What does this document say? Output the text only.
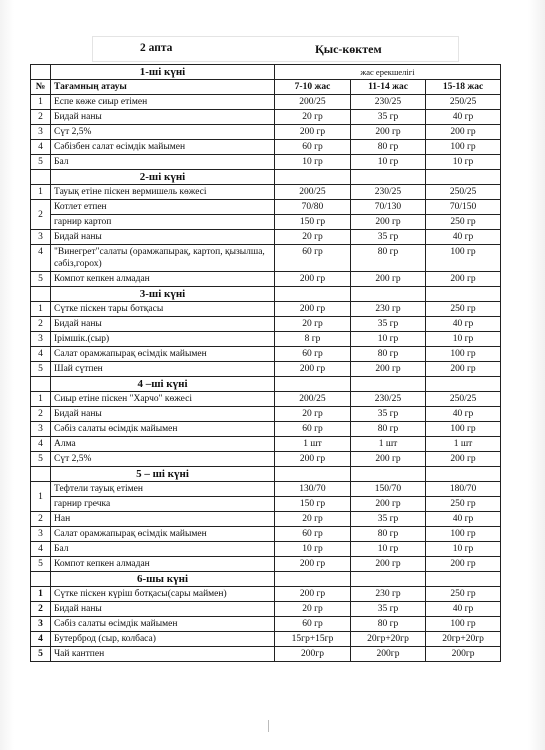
2 апта	Қыс-көктем
	1-ші күні	жас ерекшелігі		
№	Тағамның атауы	7-10 жас	11-14 жас	15-18 жас
1	Еспе көже сиыр етімен	200/25	230/25	250/25
2	Бидай наны	20 гр	35 гр	40 гр
3	Сүт 2,5%	200 гр	200 гр	200 гр
4	Сәбізбен салат өсімдік майымен	60 гр	80 гр	100 гр
5	Бал	10 гр	10 гр	10 гр
	2-ші күні			
1	Тауық етіне піскен вермишель көжесі	200/25	230/25	250/25
2	Котлет етпен	70/80	70/130	70/150
	гарнир картоп	150 гр	200 гр	250 гр
3	Бидай наны	20 гр	35 гр	40 гр
4	"Винегрет"салаты (орамжапырақ, картоп, қызылша, сәбіз,горох)	60 гр	80 гр	100 гр
5	Компот кепкен алмадан	200 гр	200 гр	200 гр
	3-ші күні			
1	Сүтке піскен тары ботқасы	200 гр	230 гр	250 гр
2	Бидай наны	20 гр	35 гр	40 гр
3	Ірімшік.(сыр)	8 гр	10 гр	10 гр
4	Салат орамжапырақ өсімдік майымен	60 гр	80 гр	100 гр
5	Шай сүтпен	200 гр	200 гр	200 гр
	4 –ші күні			
1	Сиыр етіне піскен "Харчо" көжесі	200/25	230/25	250/25
2	Бидай наны	20 гр	35 гр	40 гр
3	Сәбіз салаты өсімдік майымен	60 гр	80 гр	100 гр
4	Алма	1 шт	1 шт	1 шт
5	Сүт 2,5%	200 гр	200 гр	200 гр
	5 – ші күні			
1	Тефтели тауық етімен	130/70	150/70	180/70
	гарнир гречка	150 гр	200 гр	250 гр
2	Нан	20 гр	35 гр	40 гр
3	Салат орамжапырақ өсімдік майымен	60 гр	80 гр	100 гр
4	Бал	10 гр	10 гр	10 гр
5	Компот кепкен алмадан	200 гр	200 гр	200 гр
	6-шы күні			
1	Сүтке піскен күріш ботқасы(сары маймен)	200 гр	230 гр	250 гр
2	Бидай наны	20 гр	35 гр	40 гр
3	Сәбіз салаты өсімдік майымен	60 гр	80 гр	100 гр
4	Бутерброд (сыр, колбаса)	15гр+15гр	20гр+20гр	20гр+20гр
5	Чай кантпен	200гр	200гр	200гр
